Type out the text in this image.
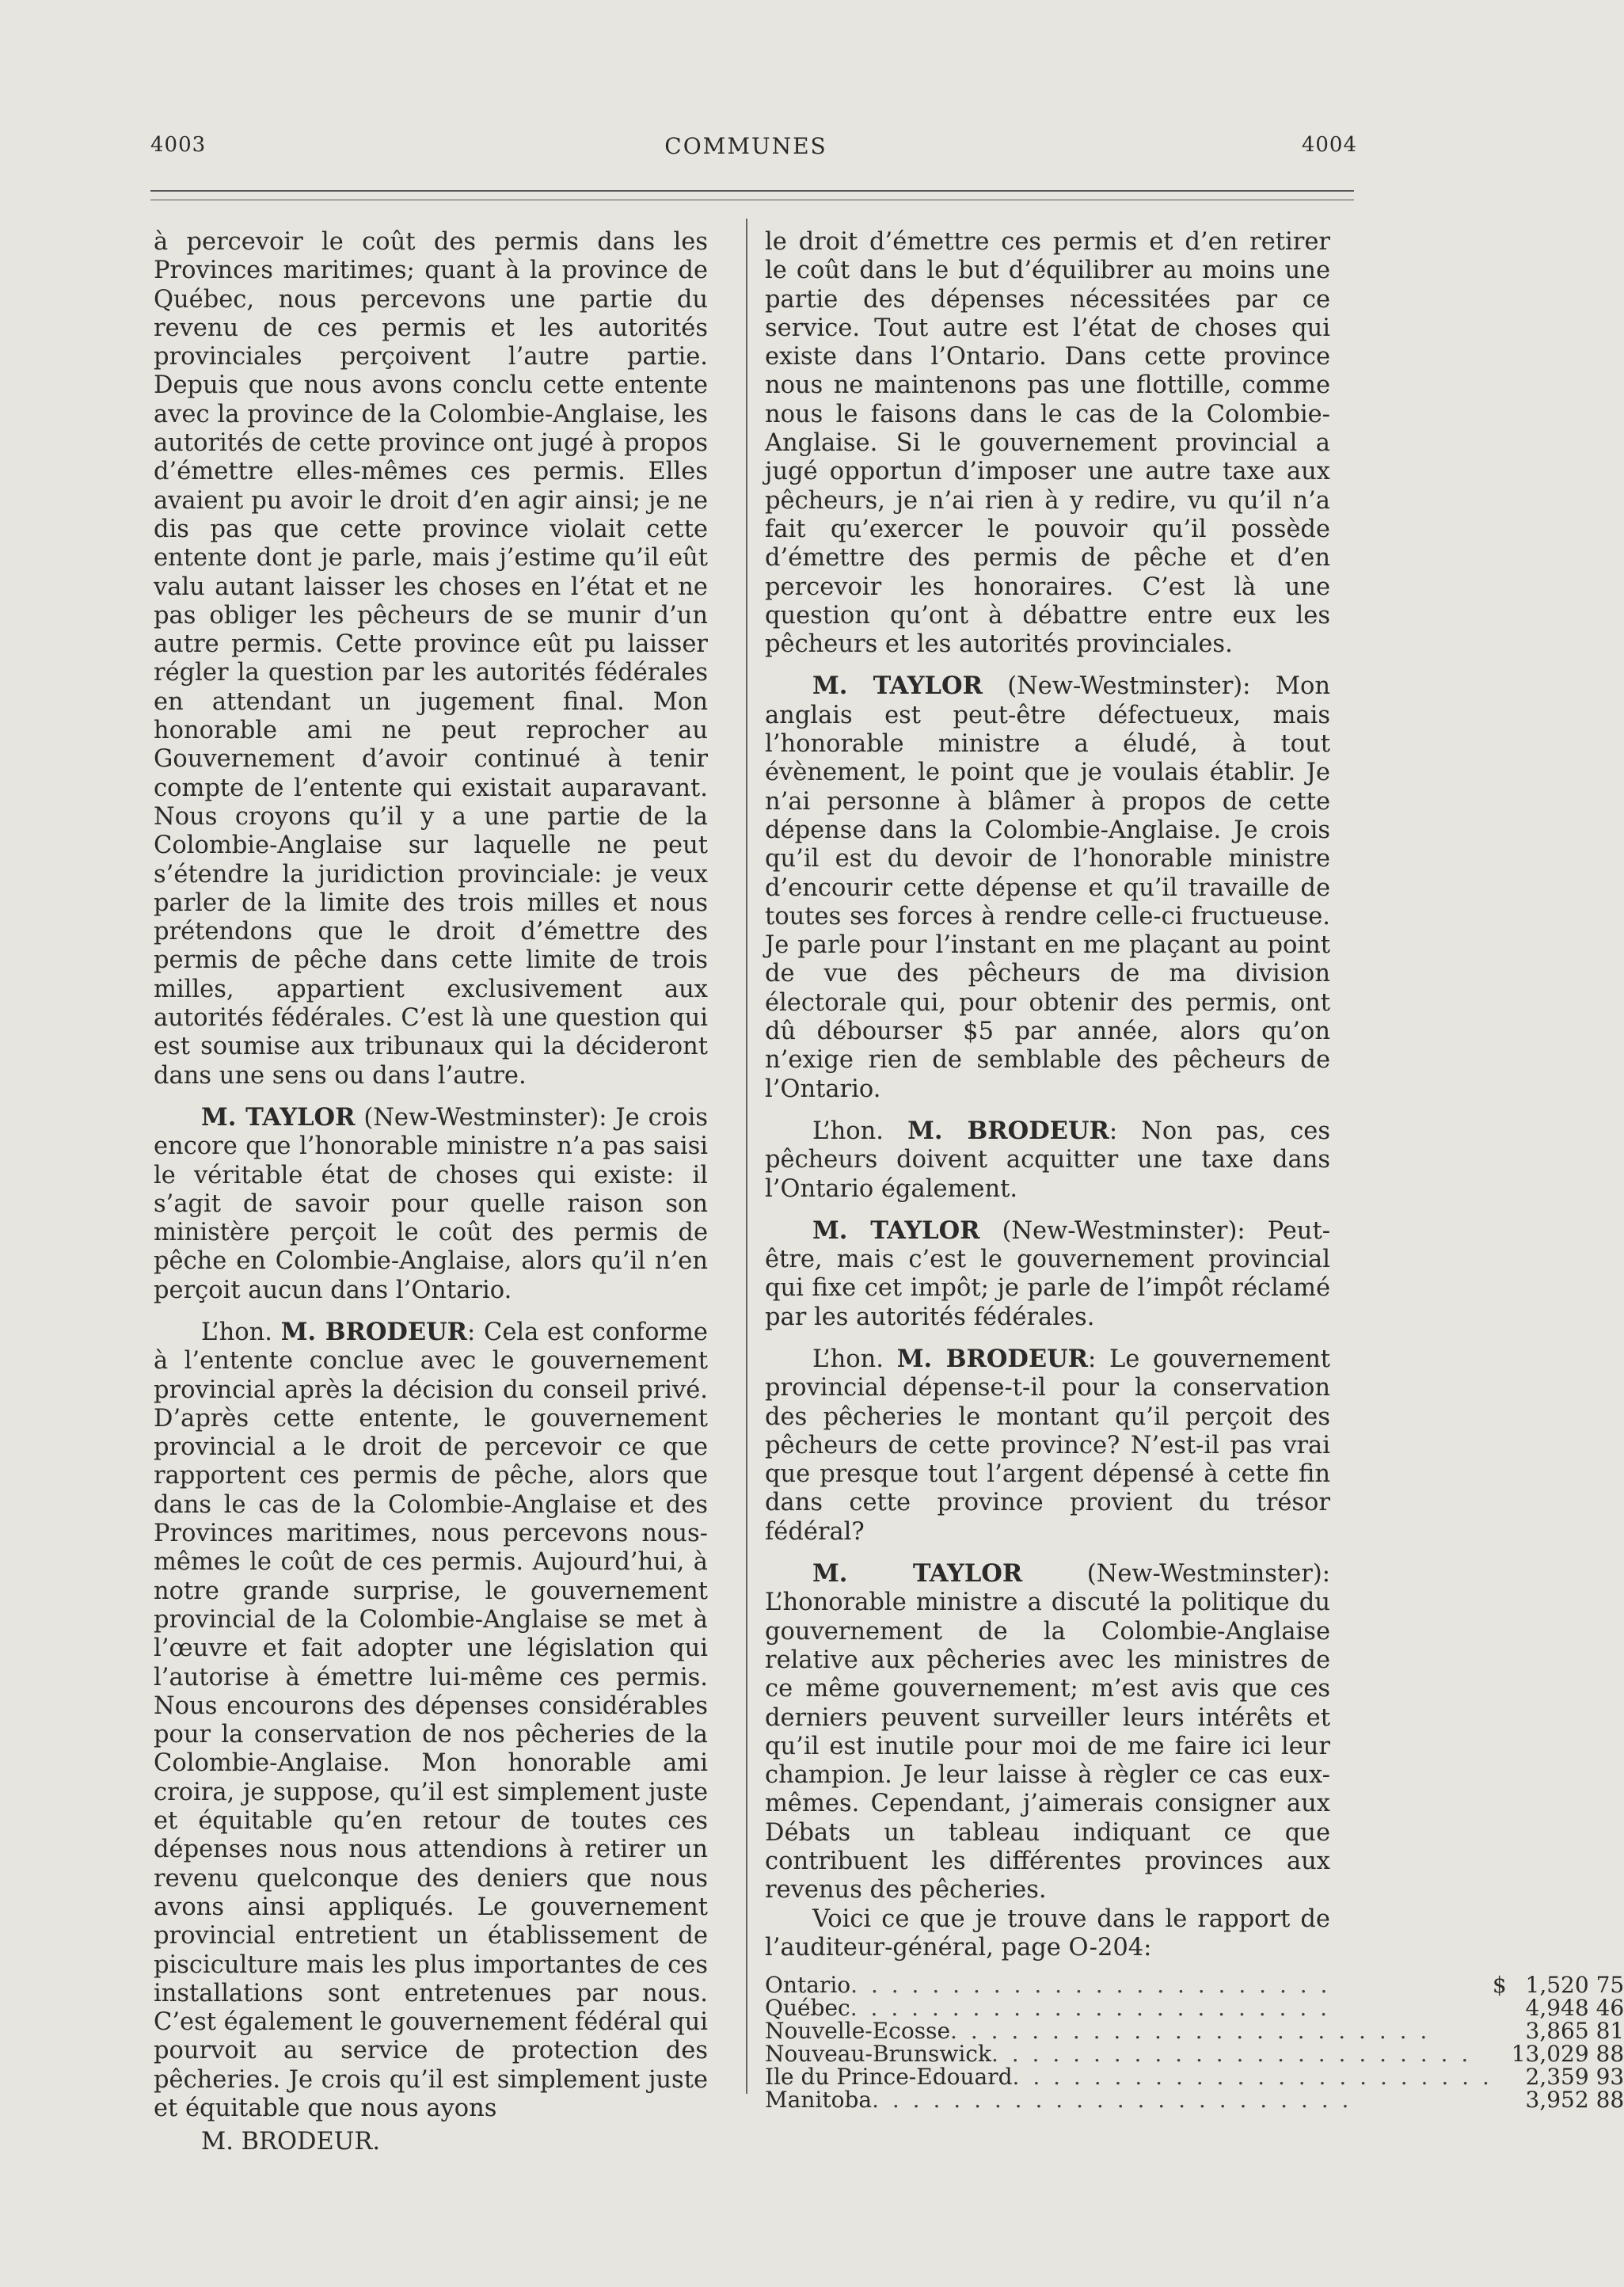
4003	COMMUNES	4004

à percevoir le coût des permis dans les Provinces maritimes; quant à la province de Québec, nous percevons une partie du revenu de ces permis et les autorités provinciales perçoivent l’autre partie. Depuis que nous avons conclu cette entente avec la province de la Colombie-Anglaise, les autorités de cette province ont jugé à propos d’émettre elles-mêmes ces permis. Elles avaient pu avoir le droit d’en agir ainsi; je ne dis pas que cette province violait cette entente dont je parle, mais j’estime qu’il eût valu autant laisser les choses en l’état et ne pas obliger les pêcheurs de se munir d’un autre permis. Cette province eût pu laisser régler la question par les autorités fédérales en attendant un jugement final. Mon honorable ami ne peut reprocher au Gouvernement d’avoir continué à tenir compte de l’entente qui existait auparavant. Nous croyons qu’il y a une partie de la Colombie-Anglaise sur laquelle ne peut s’étendre la juridiction provinciale: je veux parler de la limite des trois milles et nous prétendons que le droit d’émettre des permis de pêche dans cette limite de trois milles, appartient exclusivement aux autorités fédérales. C’est là une question qui est soumise aux tribunaux qui la décideront dans une sens ou dans l’autre.

M. TAYLOR (New-Westminster): Je crois encore que l’honorable ministre n’a pas saisi le véritable état de choses qui existe: il s’agit de savoir pour quelle raison son ministère perçoit le coût des permis de pêche en Colombie-Anglaise, alors qu’il n’en perçoit aucun dans l’Ontario.

L’hon. M. BRODEUR: Cela est conforme à l’entente conclue avec le gouvernement provincial après la décision du conseil privé. D’après cette entente, le gouvernement provincial a le droit de percevoir ce que rapportent ces permis de pêche, alors que dans le cas de la Colombie-Anglaise et des Provinces maritimes, nous percevons nous-mêmes le coût de ces permis. Aujourd’hui, à notre grande surprise, le gouvernement provincial de la Colombie-Anglaise se met à l’œuvre et fait adopter une législation qui l’autorise à émettre lui-même ces permis. Nous encourons des dépenses considérables pour la conservation de nos pêcheries de la Colombie-Anglaise. Mon honorable ami croira, je suppose, qu’il est simplement juste et équitable qu’en retour de toutes ces dépenses nous nous attendions à retirer un revenu quelconque des deniers que nous avons ainsi appliqués. Le gouvernement provincial entretient un établissement de pisciculture mais les plus importantes de ces installations sont entretenues par nous. C’est également le gouvernement fédéral qui pourvoit au service de protection des pêcheries. Je crois qu’il est simplement juste et équitable que nous ayons

M. BRODEUR.

le droit d’émettre ces permis et d’en retirer le coût dans le but d’équilibrer au moins une partie des dépenses nécessitées par ce service. Tout autre est l’état de choses qui existe dans l’Ontario. Dans cette province nous ne maintenons pas une flottille, comme nous le faisons dans le cas de la Colombie-Anglaise. Si le gouvernement provincial a jugé opportun d’imposer une autre taxe aux pêcheurs, je n’ai rien à y redire, vu qu’il n’a fait qu’exercer le pouvoir qu’il possède d’émettre des permis de pêche et d’en percevoir les honoraires. C’est là une question qu’ont à débattre entre eux les pêcheurs et les autorités provinciales.

M. TAYLOR (New-Westminster): Mon anglais est peut-être défectueux, mais l’honorable ministre a éludé, à tout évènement, le point que je voulais établir. Je n’ai personne à blâmer à propos de cette dépense dans la Colombie-Anglaise. Je crois qu’il est du devoir de l’honorable ministre d’encourir cette dépense et qu’il travaille de toutes ses forces à rendre celle-ci fructueuse. Je parle pour l’instant en me plaçant au point de vue des pêcheurs de ma division électorale qui, pour obtenir des permis, ont dû débourser $5 par année, alors qu’on n’exige rien de semblable des pêcheurs de l’Ontario.

L’hon. M. BRODEUR: Non pas, ces pêcheurs doivent acquitter une taxe dans l’Ontario également.

M. TAYLOR (New-Westminster): Peut-être, mais c’est le gouvernement provincial qui fixe cet impôt; je parle de l’impôt réclamé par les autorités fédérales.

L’hon. M. BRODEUR: Le gouvernement provincial dépense-t-il pour la conservation des pêcheries le montant qu’il perçoit des pêcheurs de cette province? N’est-il pas vrai que presque tout l’argent dépensé à cette fin dans cette province provient du trésor fédéral?

M. TAYLOR (New-Westminster): L’honorable ministre a discuté la politique du gouvernement de la Colombie-Anglaise relative aux pêcheries avec les ministres de ce même gouvernement; m’est avis que ces derniers peuvent surveiller leurs intérêts et qu’il est inutile pour moi de me faire ici leur champion. Je leur laisse à règler ce cas eux-mêmes. Cependant, j’aimerais consigner aux Débats un tableau indiquant ce que contribuent les différentes provinces aux revenus des pêcheries.

Voici ce que je trouve dans le rapport de l’auditeur-général, page O-204:

Ontario. . . . . . . . . . . . . . . . . . . . . . . .	$	1,520 75
Québec. . . . . . . . . . . . . . . . . . . . . . . .		4,948 46
Nouvelle-Ecosse. . . . . . . . . . . . . . . . . . . . . . . .		3,865 81
Nouveau-Brunswick. . . . . . . . . . . . . . . . . . . . . . . .		13,029 88
Ile du Prince-Edouard. . . . . . . . . . . . . . . . . . . . . . . .		2,359 93
Manitoba. . . . . . . . . . . . . . . . . . . . . . . .		3,952 88
